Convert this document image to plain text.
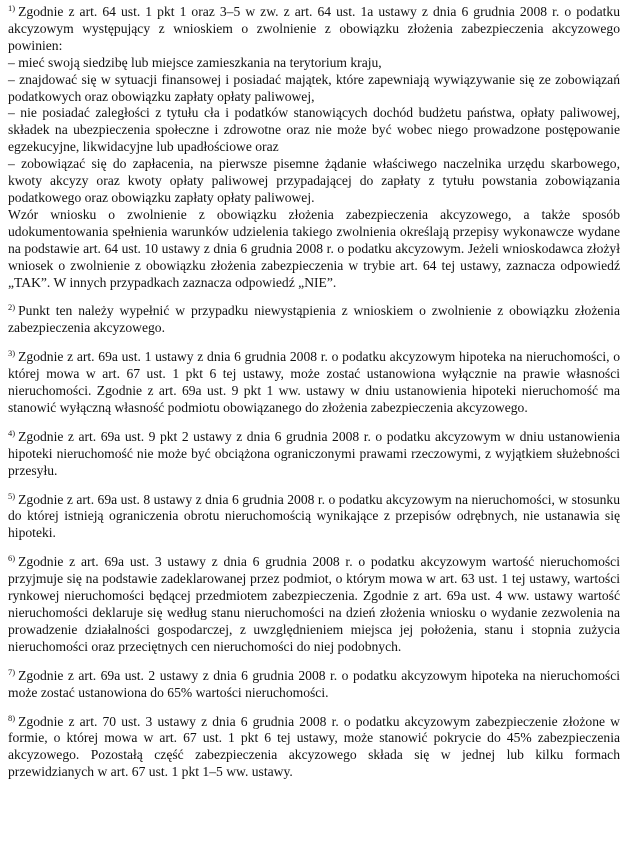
$^{1)}$ Zgodnie z art. 64 ust. 1 pkt 1 oraz 3–5 w zw. z art. 64 ust. 1a ustawy z dnia 6 grudnia 2008 r. o podatku akcyzowym występujący z wnioskiem o zwolnienie z obowiązku złożenia zabezpieczenia akcyzowego powinien:

– mieć swoją siedzibę lub miejsce zamieszkania na terytorium kraju,

– znajdować się w sytuacji finansowej i posiadać majątek, które zapewniają wywiązywanie się ze zobowiązań podatkowych oraz obowiązku zapłaty opłaty paliwowej,

– nie posiadać zaległości z tytułu cła i podatków stanowiących dochód budżetu państwa, opłaty paliwowej, składek na ubezpieczenia społeczne i zdrowotne oraz nie może być wobec niego prowadzone postępowanie egzekucyjne, likwidacyjne lub upadłościowe oraz

– zobowiązać się do zapłacenia, na pierwsze pisemne żądanie właściwego naczelnika urzędu skarbowego, kwoty akcyzy oraz kwoty opłaty paliwowej przypadającej do zapłaty z tytułu powstania zobowiązania podatkowego oraz obowiązku zapłaty opłaty paliwowej.

Wzór wniosku o zwolnienie z obowiązku złożenia zabezpieczenia akcyzowego, a także sposób udokumentowania spełnienia warunków udzielenia takiego zwolnienia określają przepisy wykonawcze wydane na podstawie art. 64 ust. 10 ustawy z dnia 6 grudnia 2008 r. o podatku akcyzowym. Jeżeli wnioskodawca złożył wniosek o zwolnienie z obowiązku złożenia zabezpieczenia w trybie art. 64 tej ustawy, zaznacza odpowiedź „TAK”. W innych przypadkach zaznacza odpowiedź „NIE”.

$^{2)}$ Punkt ten należy wypełnić w przypadku niewystąpienia z wnioskiem o zwolnienie z obowiązku złożenia zabezpieczenia akcyzowego.

$^{3)}$ Zgodnie z art. 69a ust. 1 ustawy z dnia 6 grudnia 2008 r. o podatku akcyzowym hipoteka na nieruchomości, o której mowa w art. 67 ust. 1 pkt 6 tej ustawy, może zostać ustanowiona wyłącznie na prawie własności nieruchomości. Zgodnie z art. 69a ust. 9 pkt 1 ww. ustawy w dniu ustanowienia hipoteki nieruchomość ma stanowić wyłączną własność podmiotu obowiązanego do złożenia zabezpieczenia akcyzowego.

$^{4)}$ Zgodnie z art. 69a ust. 9 pkt 2 ustawy z dnia 6 grudnia 2008 r. o podatku akcyzowym w dniu ustanowienia hipoteki nieruchomość nie może być obciążona ograniczonymi prawami rzeczowymi, z wyjątkiem służebności przesyłu.

$^{5)}$ Zgodnie z art. 69a ust. 8 ustawy z dnia 6 grudnia 2008 r. o podatku akcyzowym na nieruchomości, w stosunku do której istnieją ograniczenia obrotu nieruchomością wynikające z przepisów odrębnych, nie ustanawia się hipoteki.

$^{6)}$ Zgodnie z art. 69a ust. 3 ustawy z dnia 6 grudnia 2008 r. o podatku akcyzowym wartość nieruchomości przyjmuje się na podstawie zadeklarowanej przez podmiot, o którym mowa w art. 63 ust. 1 tej ustawy, wartości rynkowej nieruchomości będącej przedmiotem zabezpieczenia. Zgodnie z art. 69a ust. 4 ww. ustawy wartość nieruchomości deklaruje się według stanu nieruchomości na dzień złożenia wniosku o wydanie zezwolenia na prowadzenie działalności gospodarczej, z uwzględnieniem miejsca jej położenia, stanu i stopnia zużycia nieruchomości oraz przeciętnych cen nieruchomości do niej podobnych.

$^{7)}$ Zgodnie z art. 69a ust. 2 ustawy z dnia 6 grudnia 2008 r. o podatku akcyzowym hipoteka na nieruchomości może zostać ustanowiona do 65% wartości nieruchomości.

$^{8)}$ Zgodnie z art. 70 ust. 3 ustawy z dnia 6 grudnia 2008 r. o podatku akcyzowym zabezpieczenie złożone w formie, o której mowa w art. 67 ust. 1 pkt 6 tej ustawy, może stanowić pokrycie do 45% zabezpieczenia akcyzowego. Pozostałą część zabezpieczenia akcyzowego składa się w jednej lub kilku formach przewidzianych w art. 67 ust. 1 pkt 1–5 ww. ustawy.
